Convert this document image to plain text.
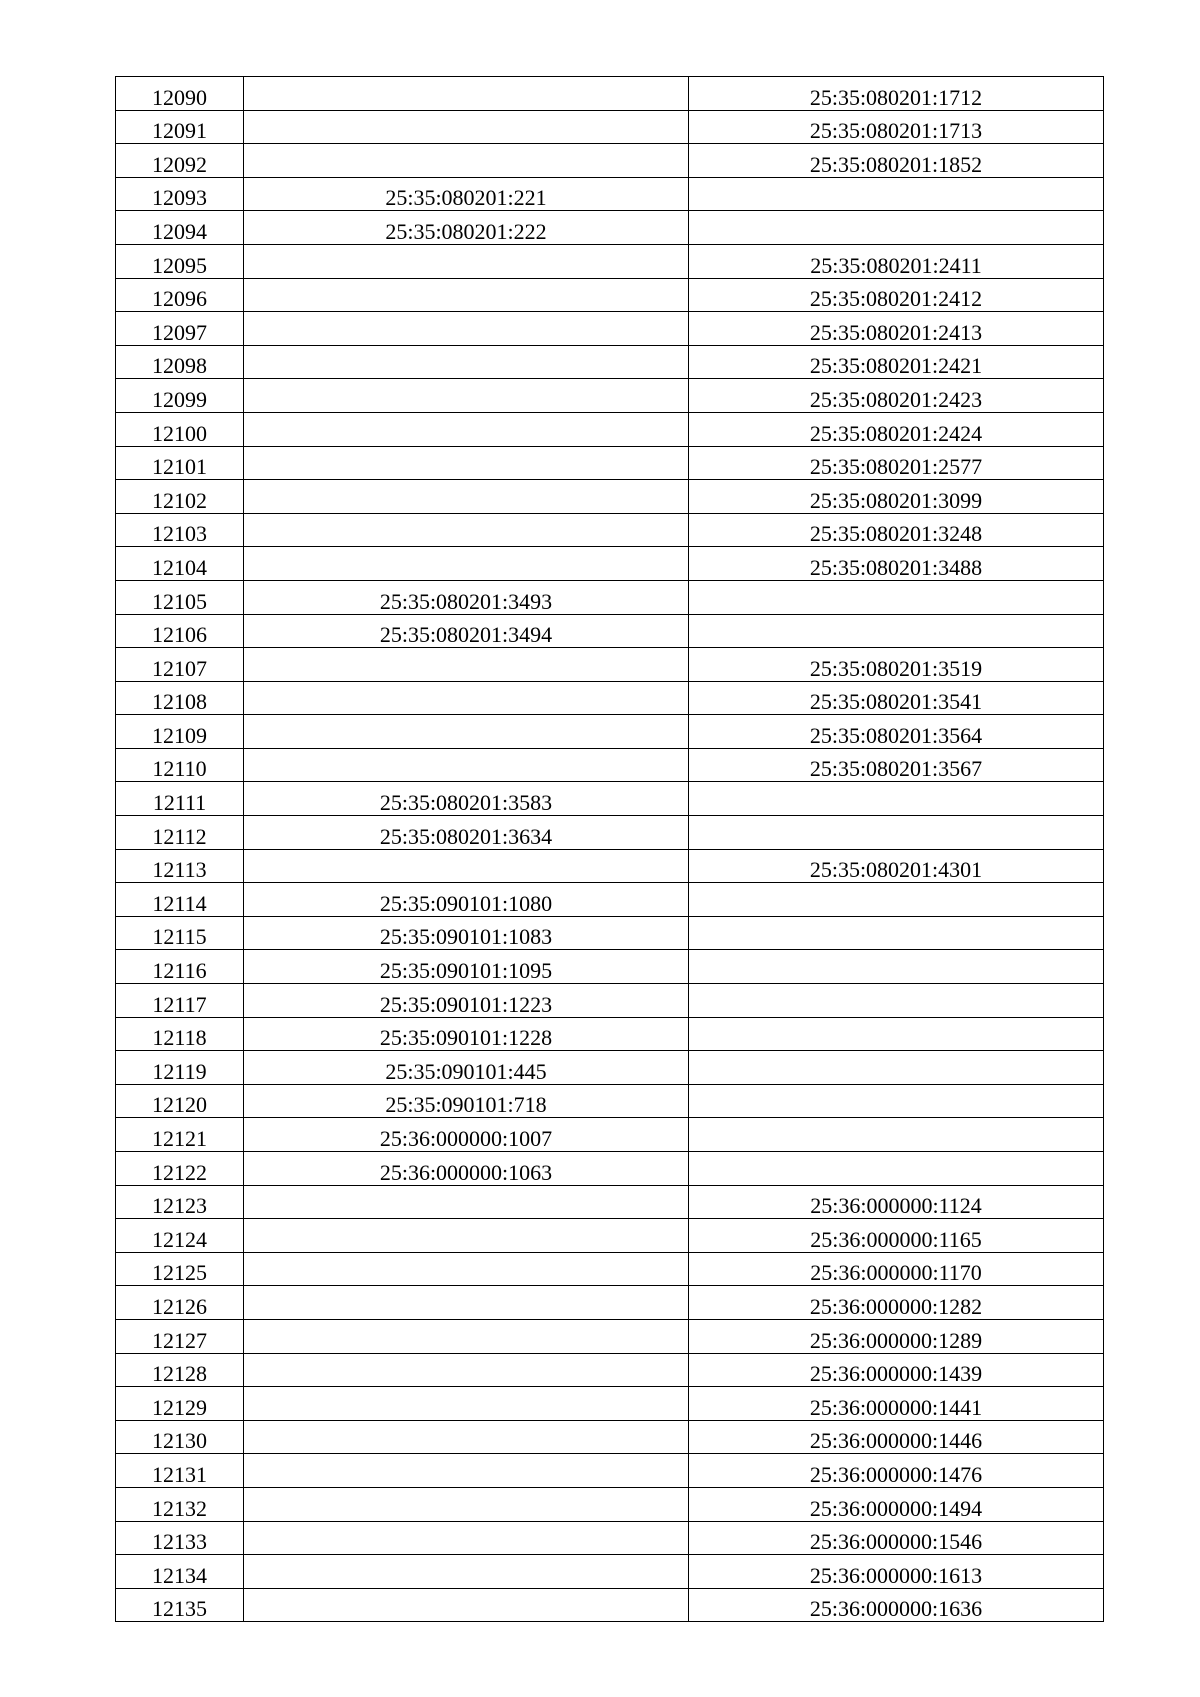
12090		25:35:080201:1712
12091		25:35:080201:1713
12092		25:35:080201:1852
12093	25:35:080201:221	
12094	25:35:080201:222	
12095		25:35:080201:2411
12096		25:35:080201:2412
12097		25:35:080201:2413
12098		25:35:080201:2421
12099		25:35:080201:2423
12100		25:35:080201:2424
12101		25:35:080201:2577
12102		25:35:080201:3099
12103		25:35:080201:3248
12104		25:35:080201:3488
12105	25:35:080201:3493	
12106	25:35:080201:3494	
12107		25:35:080201:3519
12108		25:35:080201:3541
12109		25:35:080201:3564
12110		25:35:080201:3567
12111	25:35:080201:3583	
12112	25:35:080201:3634	
12113		25:35:080201:4301
12114	25:35:090101:1080	
12115	25:35:090101:1083	
12116	25:35:090101:1095	
12117	25:35:090101:1223	
12118	25:35:090101:1228	
12119	25:35:090101:445	
12120	25:35:090101:718	
12121	25:36:000000:1007	
12122	25:36:000000:1063	
12123		25:36:000000:1124
12124		25:36:000000:1165
12125		25:36:000000:1170
12126		25:36:000000:1282
12127		25:36:000000:1289
12128		25:36:000000:1439
12129		25:36:000000:1441
12130		25:36:000000:1446
12131		25:36:000000:1476
12132		25:36:000000:1494
12133		25:36:000000:1546
12134		25:36:000000:1613
12135		25:36:000000:1636
